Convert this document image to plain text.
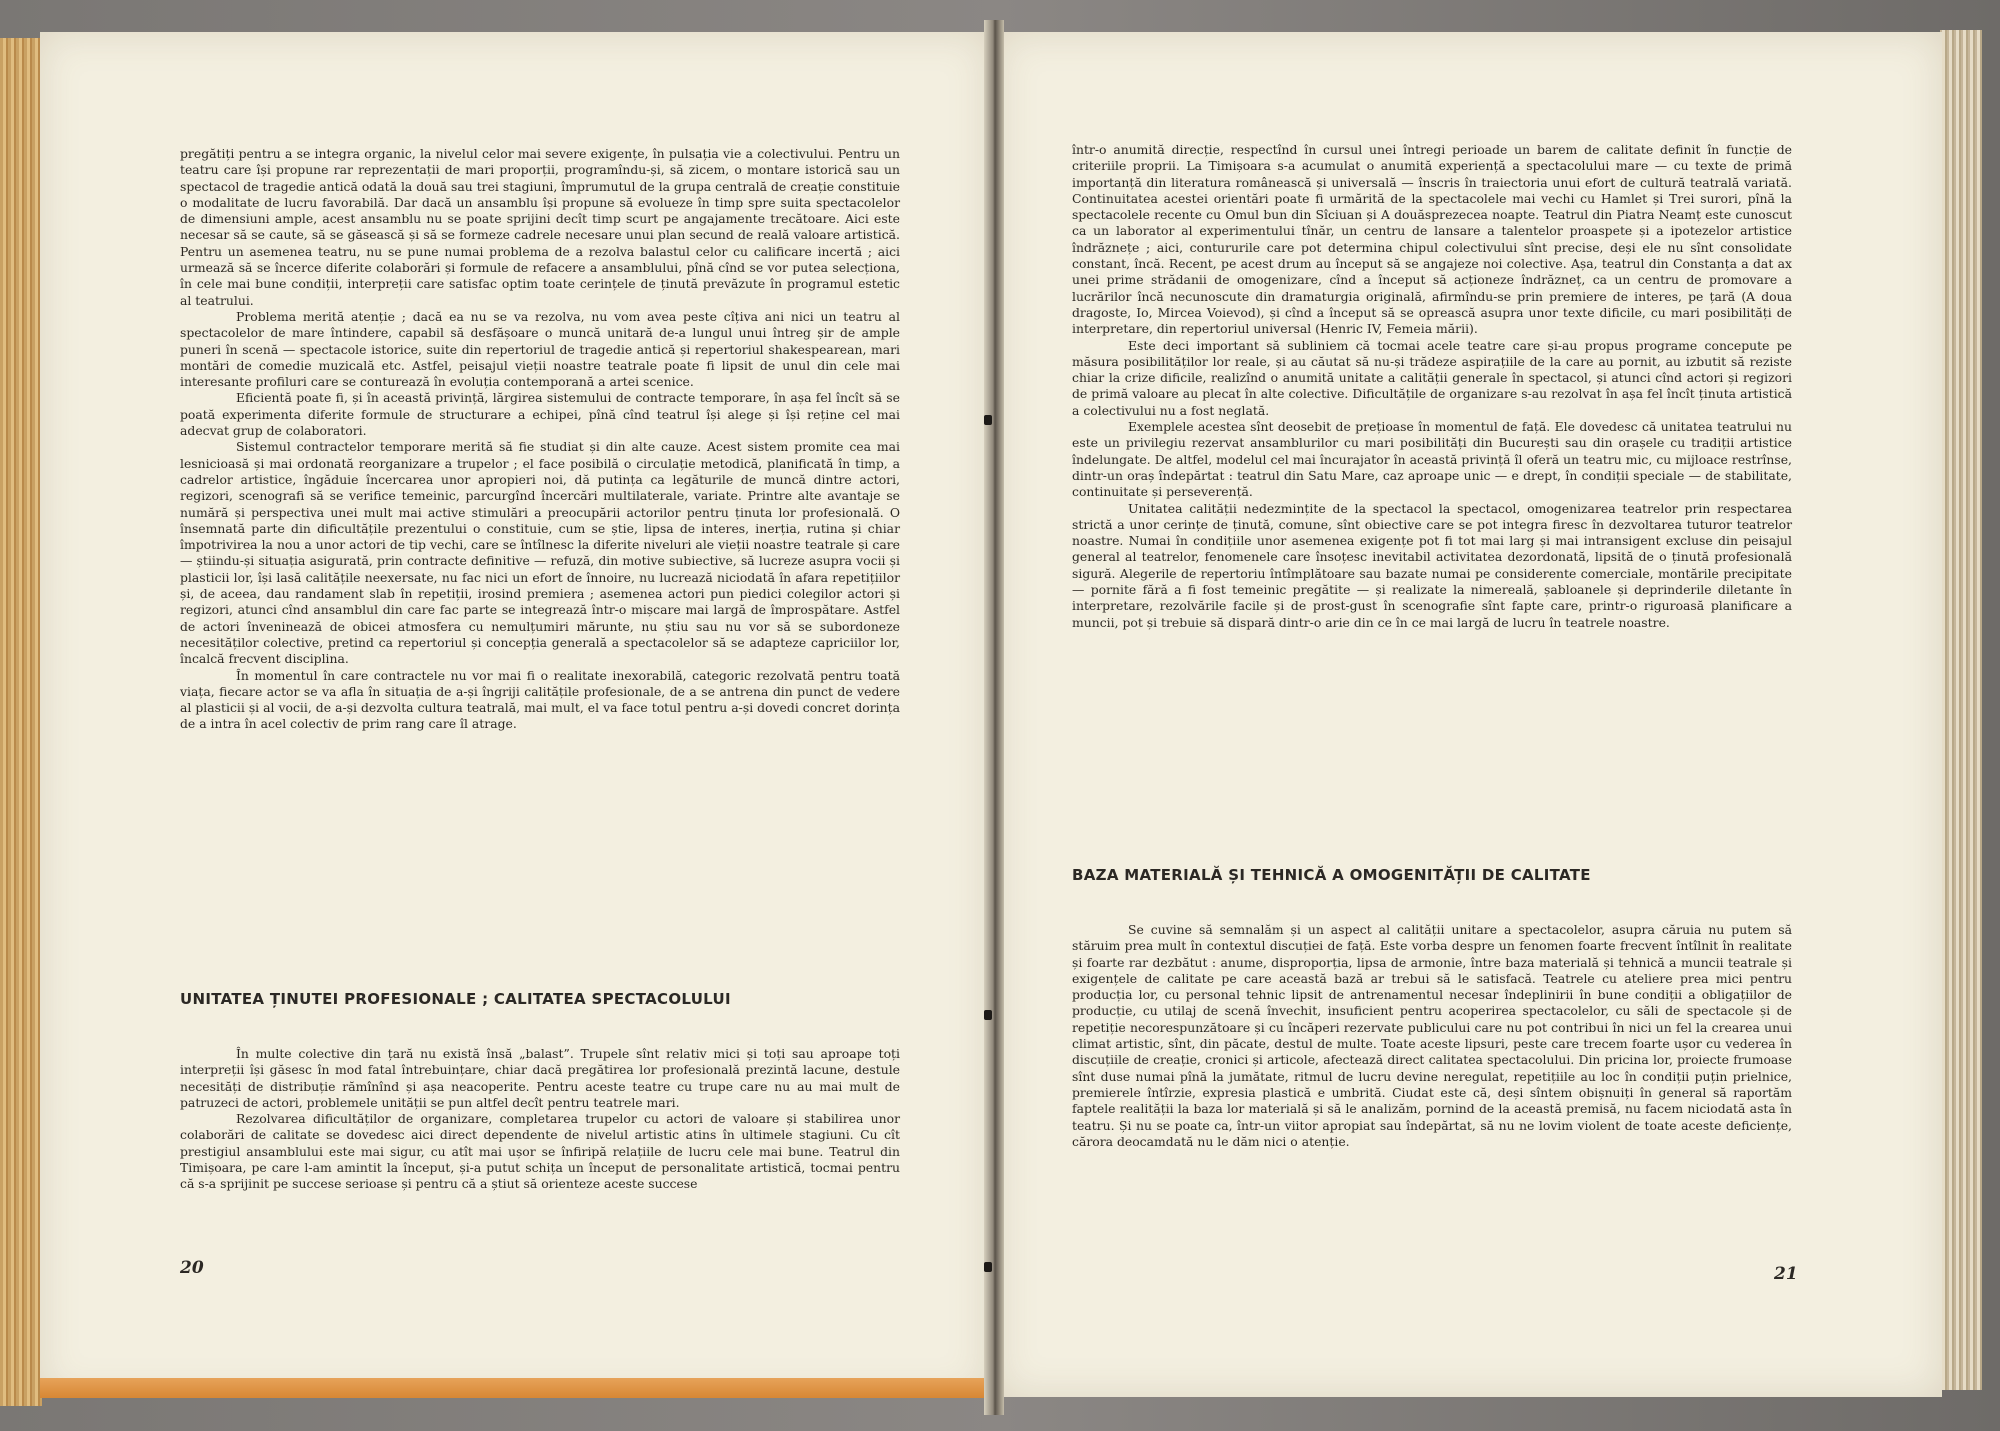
pregătiți pentru a se integra organic, la nivelul celor mai severe exigențe, în pulsația vie a colectivului. Pentru un teatru care își propune rar reprezentații de mari proporții, programîndu-și, să zicem, o montare istorică sau un spectacol de tragedie antică odată la două sau trei stagiuni, împrumutul de la grupa centrală de creație constituie o modalitate de lucru favorabilă. Dar dacă un ansamblu își propune să evolueze în timp spre suita spectacolelor de dimensiuni ample, acest ansamblu nu se poate sprijini decît timp scurt pe angajamente trecătoare. Aici este necesar să se caute, să se găsească și să se formeze cadrele necesare unui plan secund de reală valoare artistică. Pentru un asemenea teatru, nu se pune numai problema de a rezolva balastul celor cu calificare incertă ; aici urmează să se încerce diferite colaborări și formule de refacere a ansamblului, pînă cînd se vor putea selecționa, în cele mai bune condiții, interpreții care satisfac optim toate cerințele de ținută prevăzute în programul estetic al teatrului.

Problema merită atenție ; dacă ea nu se va rezolva, nu vom avea peste cîțiva ani nici un teatru al spectacolelor de mare întindere, capabil să desfășoare o muncă unitară de-a lungul unui întreg șir de ample puneri în scenă — spectacole istorice, suite din repertoriul de tragedie antică și repertoriul shakespearean, mari montări de comedie muzicală etc. Astfel, peisajul vieții noastre teatrale poate fi lipsit de unul din cele mai interesante profiluri care se conturează în evoluția contemporană a artei scenice.

Eficientă poate fi, și în această privință, lărgirea sistemului de contracte temporare, în așa fel încît să se poată experimenta diferite formule de structurare a echipei, pînă cînd teatrul își alege și își reține cel mai adecvat grup de colaboratori.

Sistemul contractelor temporare merită să fie studiat și din alte cauze. Acest sistem promite cea mai lesnicioasă și mai ordonată reorganizare a trupelor ; el face posibilă o circulație metodică, planificată în timp, a cadrelor artistice, îngăduie încercarea unor apropieri noi, dă putința ca legăturile de muncă dintre actori, regizori, scenografi să se verifice temeinic, parcurgînd încercări multilaterale, variate. Printre alte avantaje se numără și perspectiva unei mult mai active stimulări a preocupării actorilor pentru ținuta lor profesională. O însemnată parte din dificultățile prezentului o constituie, cum se știe, lipsa de interes, inerția, rutina și chiar împotrivirea la nou a unor actori de tip vechi, care se întîlnesc la diferite niveluri ale vieții noastre teatrale și care — știindu-și situația asigurată, prin contracte definitive — refuză, din motive subiective, să lucreze asupra vocii și plasticii lor, își lasă calitățile neexersate, nu fac nici un efort de înnoire, nu lucrează niciodată în afara repetițiilor și, de aceea, dau randament slab în repetiții, irosind premiera ; asemenea actori pun piedici colegilor actori și regizori, atunci cînd ansamblul din care fac parte se integrează într-o mișcare mai largă de împrospătare. Astfel de actori înveninează de obicei atmosfera cu nemulțumiri mărunte, nu știu sau nu vor să se subordoneze necesităților colective, pretind ca repertoriul și concepția generală a spectacolelor să se adapteze capriciilor lor, încalcă frecvent disciplina.

În momentul în care contractele nu vor mai fi o realitate inexorabilă, categoric rezolvată pentru toată viața, fiecare actor se va afla în situația de a-și îngriji calitățile profesionale, de a se antrena din punct de vedere al plasticii și al vocii, de a-și dezvolta cultura teatrală, mai mult, el va face totul pentru a-și dovedi concret dorința de a intra în acel colectiv de prim rang care îl atrage.

UNITATEA ȚINUTEI PROFESIONALE ; CALITATEA SPECTACOLULUI

În multe colective din țară nu există însă „balast”. Trupele sînt relativ mici și toți sau aproape toți interpreții își găsesc în mod fatal întrebuințare, chiar dacă pregătirea lor profesională prezintă lacune, destule necesități de distribuție rămînînd și așa neacoperite. Pentru aceste teatre cu trupe care nu au mai mult de patruzeci de actori, problemele unității se pun altfel decît pentru teatrele mari.

Rezolvarea dificultăților de organizare, completarea trupelor cu actori de valoare și stabilirea unor colaborări de calitate se dovedesc aici direct dependente de nivelul artistic atins în ultimele stagiuni. Cu cît prestigiul ansamblului este mai sigur, cu atît mai ușor se înfiripă relațiile de lucru cele mai bune. Teatrul din Timișoara, pe care l-am amintit la început, și-a putut schița un început de personalitate artistică, tocmai pentru că s-a sprijinit pe succese serioase și pentru că a știut să orienteze aceste succese

20

într-o anumită direcție, respectînd în cursul unei întregi perioade un barem de calitate definit în funcție de criteriile proprii. La Timișoara s-a acumulat o anumită experiență a spectacolului mare — cu texte de primă importanță din literatura românească și universală — înscris în traiectoria unui efort de cultură teatrală variată. Continuitatea acestei orientări poate fi urmărită de la spectacolele mai vechi cu Hamlet și Trei surori, pînă la spectacolele recente cu Omul bun din Sîciuan și A douăsprezecea noapte. Teatrul din Piatra Neamț este cunoscut ca un laborator al experimentului tînăr, un centru de lansare a talentelor proaspete și a ipotezelor artistice îndrăznețe ; aici, contururile care pot determina chipul colectivului sînt precise, deși ele nu sînt consolidate constant, încă. Recent, pe acest drum au început să se angajeze noi colective. Așa, teatrul din Constanța a dat ax unei prime strădanii de omogenizare, cînd a început să acționeze îndrăzneț, ca un centru de promovare a lucrărilor încă necunoscute din dramaturgia originală, afirmîndu-se prin premiere de interes, pe țară (A doua dragoste, Io, Mircea Voievod), și cînd a început să se oprească asupra unor texte dificile, cu mari posibilități de interpretare, din repertoriul universal (Henric IV, Femeia mării).

Este deci important să subliniem că tocmai acele teatre care și-au propus programe concepute pe măsura posibilităților lor reale, și au căutat să nu-și trădeze aspirațiile de la care au pornit, au izbutit să reziste chiar la crize dificile, realizînd o anumită unitate a calității generale în spectacol, și atunci cînd actori și regizori de primă valoare au plecat în alte colective. Dificultățile de organizare s-au rezolvat în așa fel încît ținuta artistică a colectivului nu a fost neglată.

Exemplele acestea sînt deosebit de prețioase în momentul de față. Ele dovedesc că unitatea teatrului nu este un privilegiu rezervat ansamblurilor cu mari posibilități din București sau din orașele cu tradiții artistice îndelungate. De altfel, modelul cel mai încurajator în această privință îl oferă un teatru mic, cu mijloace restrînse, dintr-un oraș îndepărtat : teatrul din Satu Mare, caz aproape unic — e drept, în condiții speciale — de stabilitate, continuitate și perseverență.

Unitatea calității nedezmințite de la spectacol la spectacol, omogenizarea teatrelor prin respectarea strictă a unor cerințe de ținută, comune, sînt obiective care se pot integra firesc în dezvoltarea tuturor teatrelor noastre. Numai în condițiile unor asemenea exigențe pot fi tot mai larg și mai intransigent excluse din peisajul general al teatrelor, fenomenele care însoțesc inevitabil activitatea dezordonată, lipsită de o ținută profesională sigură. Alegerile de repertoriu întîmplătoare sau bazate numai pe considerente comerciale, montările precipitate — pornite fără a fi fost temeinic pregătite — și realizate la nimereală, șabloanele și deprinderile diletante în interpretare, rezolvările facile și de prost-gust în scenografie sînt fapte care, printr-o riguroasă planificare a muncii, pot și trebuie să dispară dintr-o arie din ce în ce mai largă de lucru în teatrele noastre.

BAZA MATERIALĂ ȘI TEHNICĂ A OMOGENITĂȚII DE CALITATE

Se cuvine să semnalăm și un aspect al calității unitare a spectacolelor, asupra căruia nu putem să stăruim prea mult în contextul discuției de față. Este vorba despre un fenomen foarte frecvent întîlnit în realitate și foarte rar dezbătut : anume, disproporția, lipsa de armonie, între baza materială și tehnică a muncii teatrale și exigențele de calitate pe care această bază ar trebui să le satisfacă. Teatrele cu ateliere prea mici pentru producția lor, cu personal tehnic lipsit de antrenamentul necesar îndeplinirii în bune condiții a obligațiilor de producție, cu utilaj de scenă învechit, insuficient pentru acoperirea spectacolelor, cu săli de spectacole și de repetiție necorespunzătoare și cu încăperi rezervate publicului care nu pot contribui în nici un fel la crearea unui climat artistic, sînt, din păcate, destul de multe. Toate aceste lipsuri, peste care trecem foarte ușor cu vederea în discuțiile de creație, cronici și articole, afectează direct calitatea spectacolului. Din pricina lor, proiecte frumoase sînt duse numai pînă la jumătate, ritmul de lucru devine neregulat, repetițiile au loc în condiții puțin prielnice, premierele întîrzie, expresia plastică e umbrită. Ciudat este că, deși sîntem obișnuiți în general să raportăm faptele realității la baza lor materială și să le analizăm, pornind de la această premisă, nu facem niciodată asta în teatru. Și nu se poate ca, într-un viitor apropiat sau îndepărtat, să nu ne lovim violent de toate aceste deficiențe, cărora deocamdată nu le dăm nici o atenție.

21
